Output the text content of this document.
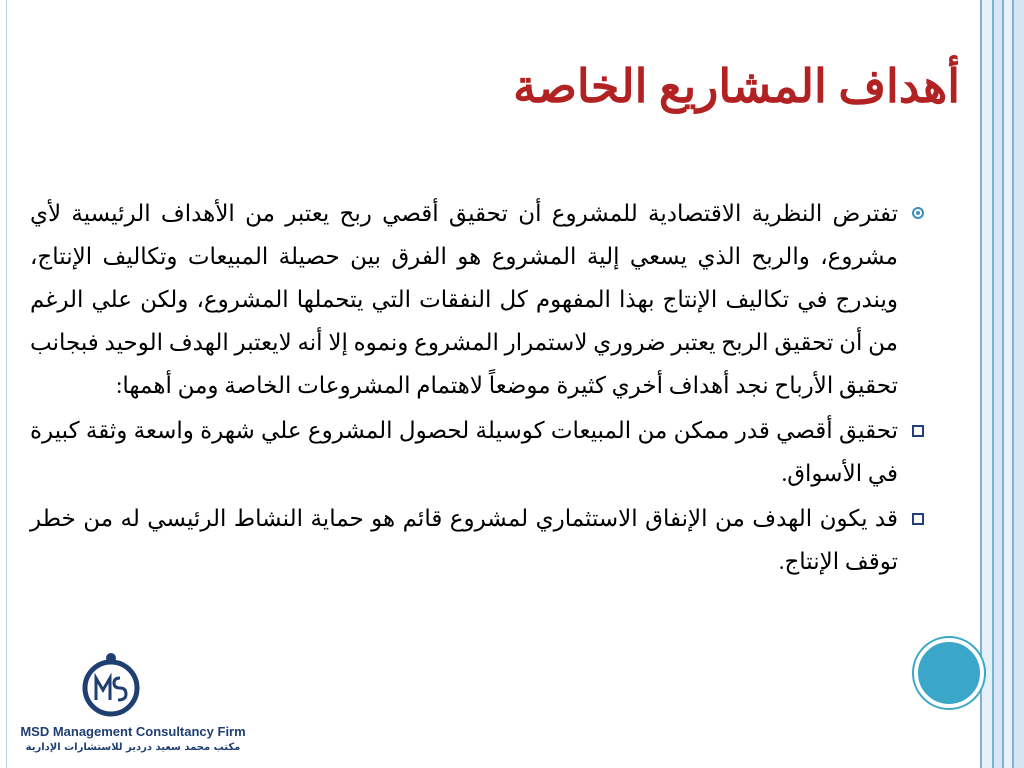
أهداف المشاريع الخاصة

تفترض النظرية الاقتصادية للمشروع أن تحقيق أقصي ربح يعتبر من الأهداف الرئيسية لأي مشروع، والربح الذي يسعي إلية المشروع هو الفرق بين حصيلة المبيعات وتكاليف الإنتاج، ويندرج في تكاليف الإنتاج بهذا المفهوم كل النفقات التي يتحملها المشروع، ولكن علي الرغم من أن تحقيق الربح يعتبر ضروري لاستمرار المشروع ونموه إلا أنه لايعتبر الهدف الوحيد فبجانب تحقيق الأرباح نجد أهداف أخري كثيرة موضعاً لاهتمام المشروعات الخاصة ومن أهمها:

تحقيق أقصي قدر ممكن من المبيعات كوسيلة لحصول المشروع علي شهرة واسعة وثقة كبيرة في الأسواق.

قد يكون الهدف من الإنفاق الاستثماري لمشروع قائم هو حماية النشاط الرئيسي له من خطر توقف الإنتاج.

MSD Management Consultancy Firm
مكتب محمد سعيد دردير للاستشارات الإدارية
